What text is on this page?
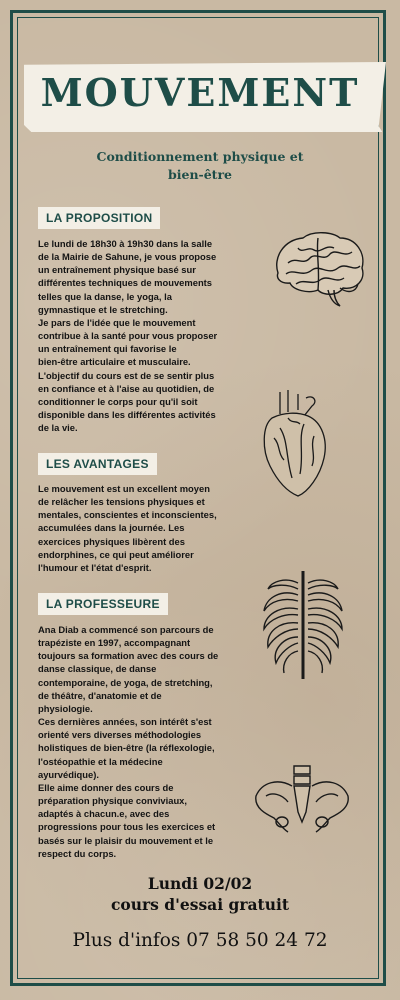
MOUVEMENT
Conditionnement physique et
bien-être
LA PROPOSITION
Le lundi de 18h30 à 19h30 dans la salle
de la Mairie de Sahune, je vous propose
un entraînement physique basé sur
différentes techniques de mouvements
telles que la danse, le yoga, la
gymnastique et le stretching.
Je pars de l'idée que le mouvement
contribue à la santé pour vous proposer
un entraînement qui favorise le
bien-être articulaire et musculaire.
L'objectif du cours est de se sentir plus
en confiance et à l'aise au quotidien, de
conditionner le corps pour qu'il soit
disponible dans les différentes activités
de la vie.
LES AVANTAGES
Le mouvement est un excellent moyen
de relâcher les tensions physiques et
mentales, conscientes et inconscientes,
accumulées dans la journée. Les
exercices physiques libèrent des
endorphines, ce qui peut améliorer
l'humour et l'état d'esprit.
LA PROFESSEURE
Ana Diab a commencé son parcours de
trapéziste en 1997, accompagnant
toujours sa formation avec des cours de
danse classique, de danse
contemporaine, de yoga, de stretching,
de théâtre, d'anatomie et de
physiologie.
Ces dernières années, son intérêt s'est
orienté vers diverses méthodologies
holistiques de bien-être (la réflexologie,
l'ostéopathie et la médecine
ayurvédique).
Elle aime donner des cours de
préparation physique conviviaux,
adaptés à chacun.e, avec des
progressions pour tous les exercices et
basés sur le plaisir du mouvement et le
respect du corps.
Lundi 02/02
cours d'essai gratuit
Plus d'infos 07 58 50 24 72
